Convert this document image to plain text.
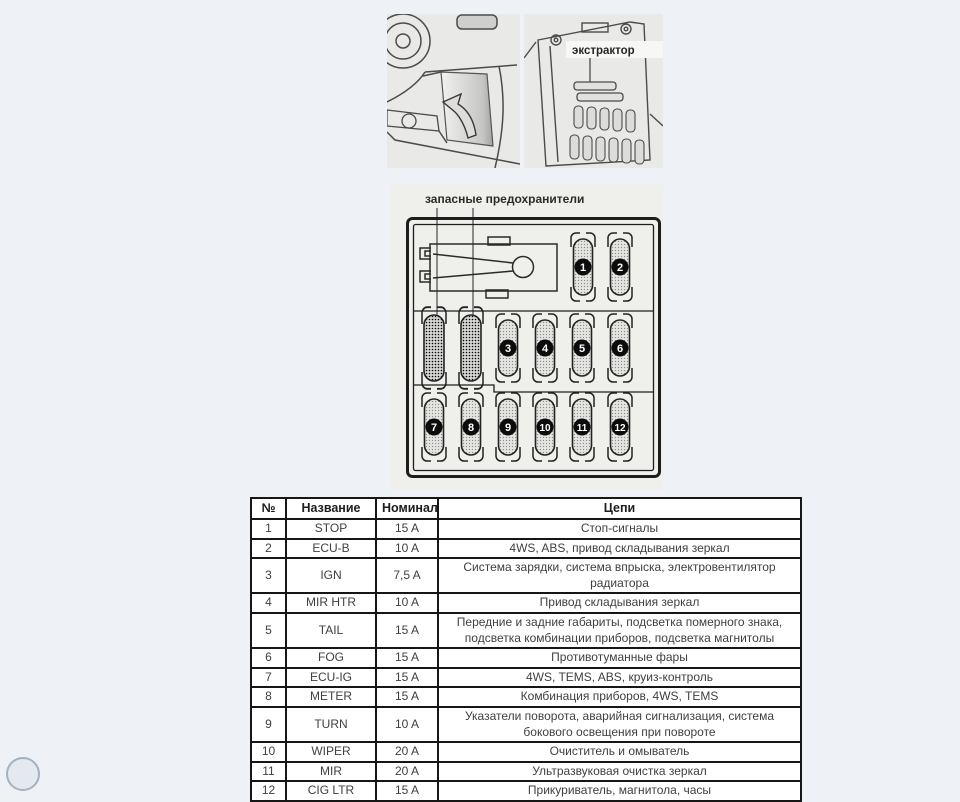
экстрактор
запасные предохранители
1	2
3	4	5	6
7	8	9	10	11	12
№	Название	Номинал	Цепи
1	STOP	15 A	Стоп-сигналы
2	ECU-B	10 A	4WS, ABS, привод складывания зеркал
3	IGN	7,5 A	Система зарядки, система впрыска, электровентилятор радиатора
4	MIR HTR	10 A	Привод складывания зеркал
5	TAIL	15 A	Передние и задние габариты, подсветка померного знака, подсветка комбинации приборов, подсветка магнитолы
6	FOG	15 A	Противотуманные фары
7	ECU-IG	15 A	4WS, TEMS, ABS, круиз-контроль
8	METER	15 A	Комбинация приборов, 4WS, TEMS
9	TURN	10 A	Указатели поворота, аварийная сигнализация, система бокового освещения при повороте
10	WIPER	20 A	Очиститель и омыватель
11	MIR	20 A	Ультразвуковая очистка зеркал
12	CIG LTR	15 A	Прикуриватель, магнитола, часы
